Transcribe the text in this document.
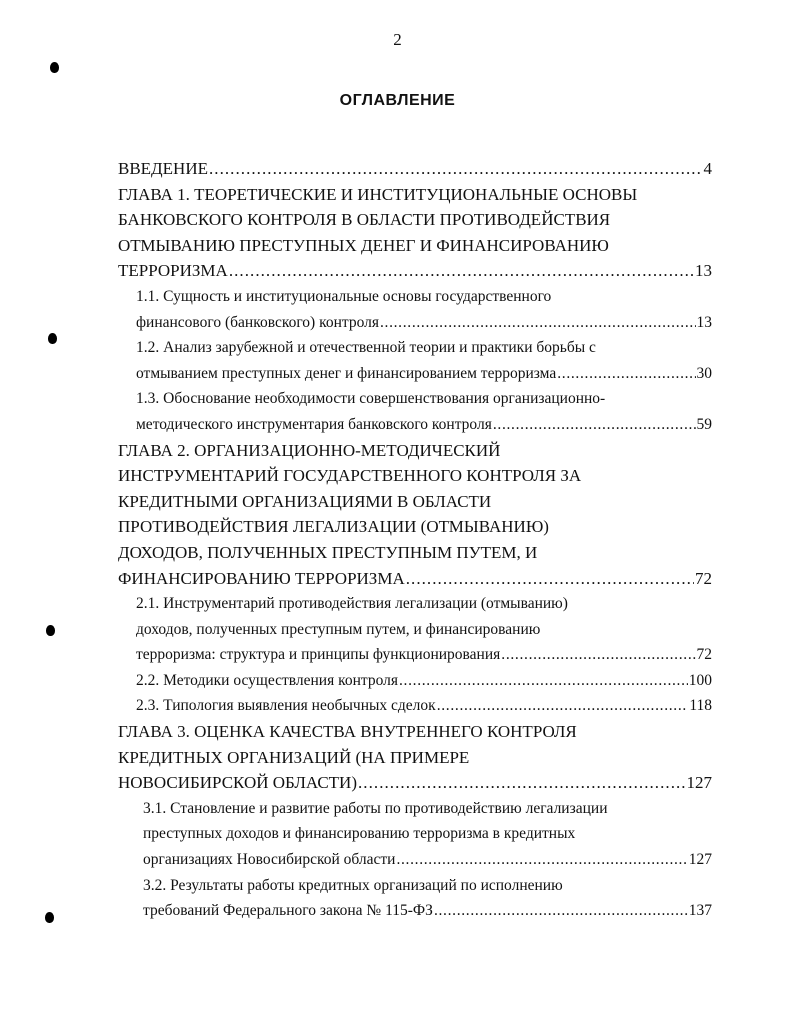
2
ОГЛАВЛЕНИЕ
ВВЕДЕНИЕ . . .	4
ГЛАВА 1. ТЕОРЕТИЧЕСКИЕ И ИНСТИТУЦИОНАЛЬНЫЕ ОСНОВЫ
БАНКОВСКОГО КОНТРОЛЯ В ОБЛАСТИ ПРОТИВОДЕЙСТВИЯ
ОТМЫВАНИЮ ПРЕСТУПНЫХ ДЕНЕГ И ФИНАНСИРОВАНИЮ
ТЕРРОРИЗМА . . .	13
1.1. Сущность и институциональные основы государственного
финансового (банковского) контроля . . .	13
1.2. Анализ зарубежной и отечественной теории и практики борьбы с
отмыванием преступных денег и финансированием терроризма . . .	30
1.3. Обоснование необходимости совершенствования организационно-
методического инструментария банковского контроля . . .	59
ГЛАВА 2. ОРГАНИЗАЦИОННО-МЕТОДИЧЕСКИЙ
ИНСТРУМЕНТАРИЙ ГОСУДАРСТВЕННОГО КОНТРОЛЯ ЗА
КРЕДИТНЫМИ ОРГАНИЗАЦИЯМИ В ОБЛАСТИ
ПРОТИВОДЕЙСТВИЯ ЛЕГАЛИЗАЦИИ (ОТМЫВАНИЮ)
ДОХОДОВ, ПОЛУЧЕННЫХ ПРЕСТУПНЫМ ПУТЕМ, И
ФИНАНСИРОВАНИЮ ТЕРРОРИЗМА . . .	72
2.1. Инструментарий противодействия легализации (отмыванию)
доходов, полученных преступным путем, и финансированию
терроризма: структура и принципы функционирования . . .	72
2.2. Методики осуществления контроля . . .	100
2.3. Типология выявления необычных сделок . . .	118
ГЛАВА 3. ОЦЕНКА КАЧЕСТВА ВНУТРЕННЕГО КОНТРОЛЯ
КРЕДИТНЫХ ОРГАНИЗАЦИЙ (НА ПРИМЕРЕ
НОВОСИБИРСКОЙ ОБЛАСТИ) . . .	127
3.1. Становление и развитие работы по противодействию легализации
преступных доходов и финансированию терроризма в кредитных
организациях Новосибирской области . . .	127
3.2. Результаты работы кредитных организаций по исполнению
требований Федерального закона № 115-ФЗ . . .	137
